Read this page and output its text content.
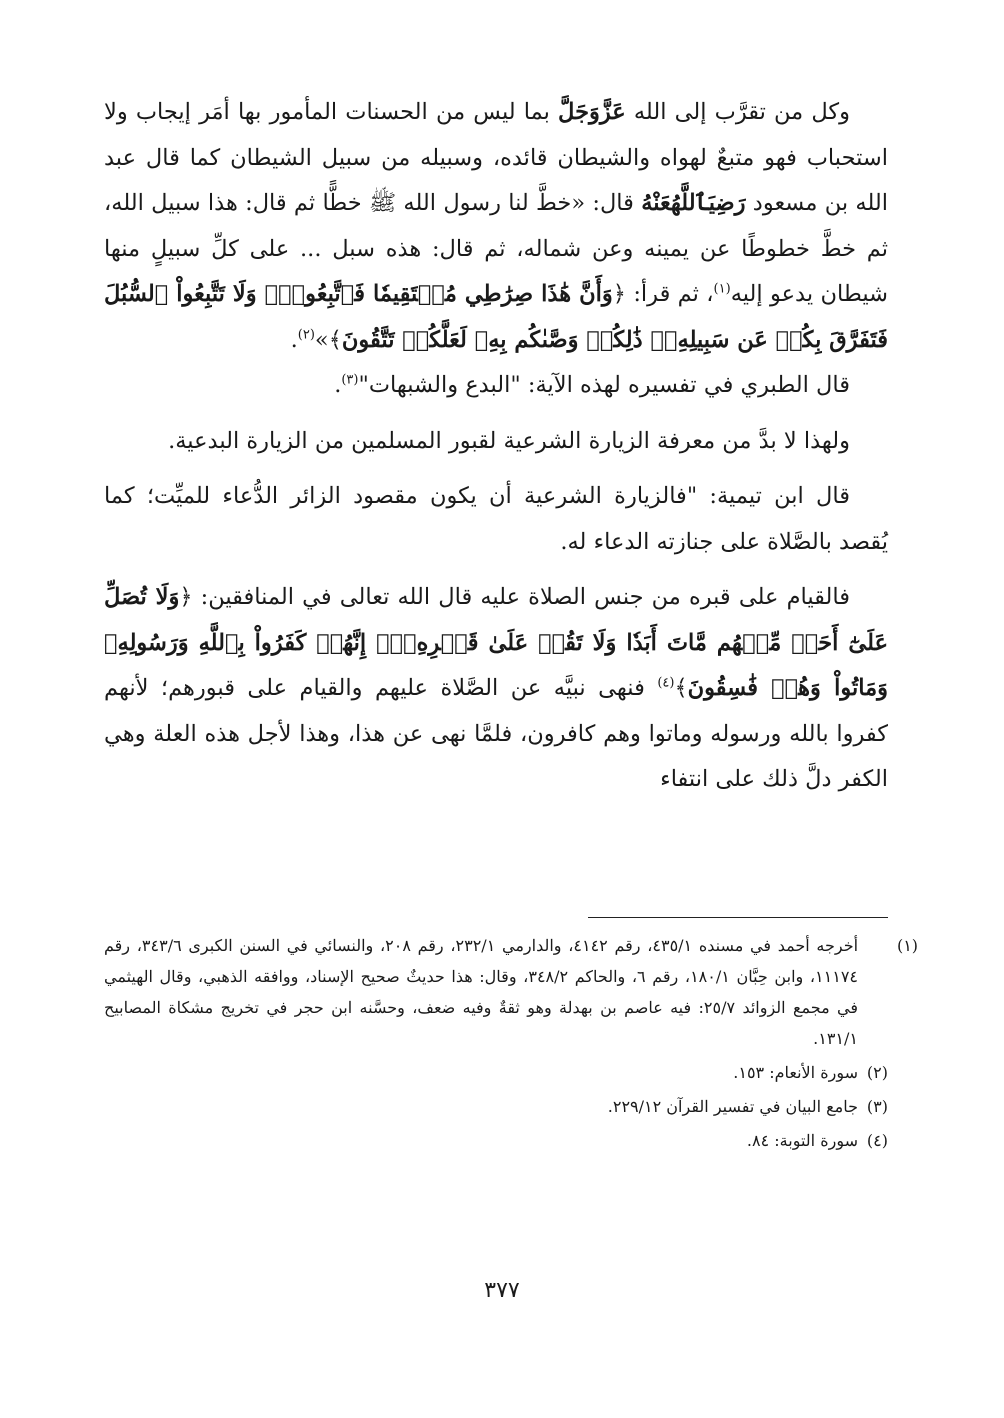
وكل من تقرَّب إلى الله عَزَّوَجَلَّ بما ليس من الحسنات المأمور بها أمَر إيجاب ولا استحباب فهو متبعٌ لهواه والشيطان قائده، وسبيله من سبيل الشيطان كما قال عبد الله بن مسعود رَضِيَٱللَّهُعَنْهُ قال: «خطَّ لنا رسول الله ﷺ خطًّا ثم قال: هذا سبيل الله، ثم خطَّ خطوطًا عن يمينه وعن شماله، ثم قال: هذه سبل ... على كلِّ سبيلٍ منها شيطان يدعو إليه$^{(١)}$، ثم قرأ: ﴿وَأَنَّ هَٰذَا صِرَٰطِي مُسۡتَقِيمٗا فَٱتَّبِعُوهُۖ وَلَا تَتَّبِعُواْ ٱلسُّبُلَ فَتَفَرَّقَ بِكُمۡ عَن سَبِيلِهِۦۚ ذَٰلِكُمۡ وَصَّىٰكُم بِهِۦ لَعَلَّكُمۡ تَتَّقُونَ﴾»$^{(٢)}$.

قال الطبري في تفسيره لهذه الآية: "البدع والشبهات"$^{(٣)}$.

ولهذا لا بدَّ من معرفة الزيارة الشرعية لقبور المسلمين من الزيارة البدعية.

قال ابن تيمية: "فالزيارة الشرعية أن يكون مقصود الزائر الدُّعاء للميِّت؛ كما يُقصد بالصَّلاة على جنازته الدعاء له.

فالقيام على قبره من جنس الصلاة عليه قال الله تعالى في المنافقين: ﴿وَلَا تُصَلِّ عَلَىٰٓ أَحَدٖ مِّنۡهُم مَّاتَ أَبَدٗا وَلَا تَقُمۡ عَلَىٰ قَبۡرِهِۦٓۖ إِنَّهُمۡ كَفَرُواْ بِٱللَّهِ وَرَسُولِهِۦ وَمَاتُواْ وَهُمۡ فَٰسِقُونَ﴾$^{(٤)}$ فنهى نبيَّه عن الصَّلاة عليهم والقيام على قبورهم؛ لأنهم كفروا بالله ورسوله وماتوا وهم كافرون، فلمَّا نهى عن هذا، وهذا لأجل هذه العلة وهي الكفر دلَّ ذلك على انتفاء

(١)أخرجه أحمد في مسنده ٤٣٥/١، رقم ٤١٤٢، والدارمي ٢٣٢/١، رقم ٢٠٨، والنسائي في السنن الكبرى ٣٤٣/٦، رقم ١١١٧٤، وابن حِبَّان ١٨٠/١، رقم ٦، والحاكم ٣٤٨/٢، وقال: هذا حديثٌ صحيح الإسناد، ووافقه الذهبي، وقال الهيثمي في مجمع الزوائد ٢٥/٧: فيه عاصم بن بهدلة وهو ثقةٌ وفيه ضعف، وحسَّنه ابن حجر في تخريج مشكاة المصابيح ١٣١/١.

(٢)سورة الأنعام: ١٥٣.

(٣)جامع البيان في تفسير القرآن ٢٢٩/١٢.

(٤)سورة التوبة: ٨٤.

٣٧٧
